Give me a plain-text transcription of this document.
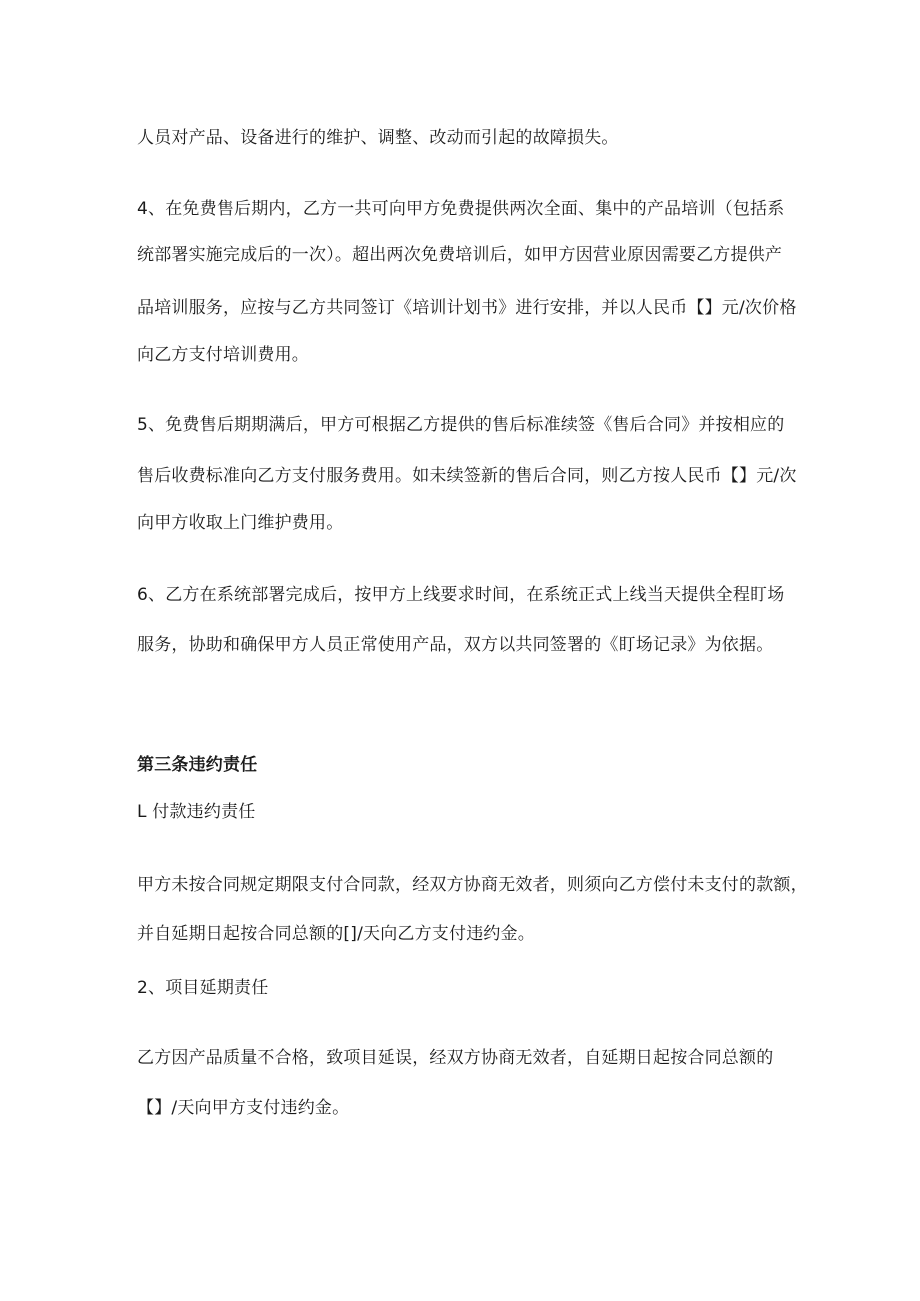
人员对产品、设备进行的维护、调整、改动而引起的故障损失。
4、在免费售后期内，乙方一共可向甲方免费提供两次全面、集中的产品培训（包括系
统部署实施完成后的一次）。超出两次免费培训后，如甲方因营业原因需要乙方提供产
品培训服务，应按与乙方共同签订《培训计划书》进行安排，并以人民币【】元/次价格
向乙方支付培训费用。
5、免费售后期期满后，甲方可根据乙方提供的售后标准续签《售后合同》并按相应的
售后收费标准向乙方支付服务费用。如未续签新的售后合同，则乙方按人民币【】元/次
向甲方收取上门维护费用。
6、乙方在系统部署完成后，按甲方上线要求时间，在系统正式上线当天提供全程盯场
服务，协助和确保甲方人员正常使用产品，双方以共同签署的《盯场记录》为依据。
第三条违约责任
L 付款违约责任
甲方未按合同规定期限支付合同款，经双方协商无效者，则须向乙方偿付未支付的款额，
并自延期日起按合同总额的[]/天向乙方支付违约金。
2、项目延期责任
乙方因产品质量不合格，致项目延误，经双方协商无效者，自延期日起按合同总额的
【】/天向甲方支付违约金。
